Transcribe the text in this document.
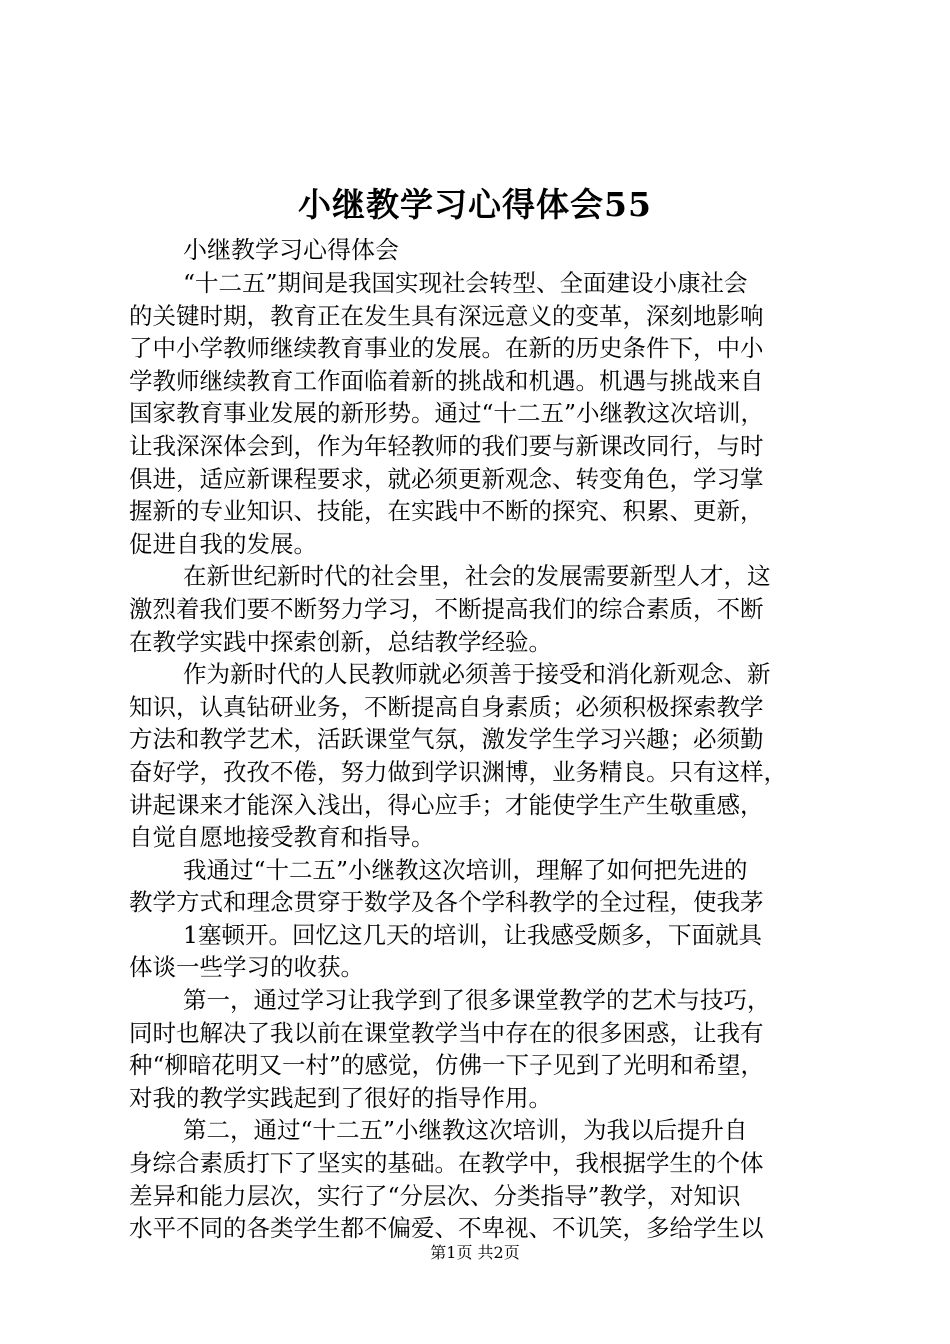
小继教学习心得体会55
小继教学习心得体会
“十二五”期间是我国实现社会转型、全面建设小康社会
的关键时期，教育正在发生具有深远意义的变革，深刻地影响
了中小学教师继续教育事业的发展。在新的历史条件下，中小
学教师继续教育工作面临着新的挑战和机遇。机遇与挑战来自
国家教育事业发展的新形势。通过“十二五”小继教这次培训，
让我深深体会到，作为年轻教师的我们要与新课改同行，与时
俱进，适应新课程要求，就必须更新观念、转变角色，学习掌
握新的专业知识、技能，在实践中不断的探究、积累、更新，
促进自我的发展。
在新世纪新时代的社会里，社会的发展需要新型人才，这
激烈着我们要不断努力学习，不断提高我们的综合素质，不断
在教学实践中探索创新，总结教学经验。
作为新时代的人民教师就必须善于接受和消化新观念、新
知识，认真钻研业务，不断提高自身素质；必须积极探索教学
方法和教学艺术，活跃课堂气氛，激发学生学习兴趣；必须勤
奋好学，孜孜不倦，努力做到学识渊博，业务精良。只有这样，
讲起课来才能深入浅出，得心应手；才能使学生产生敬重感，
自觉自愿地接受教育和指导。
我通过“十二五”小继教这次培训，理解了如何把先进的
教学方式和理念贯穿于数学及各个学科教学的全过程，使我茅
1塞顿开。回忆这几天的培训，让我感受颇多，下面就具
体谈一些学习的收获。
第一，通过学习让我学到了很多课堂教学的艺术与技巧，
同时也解决了我以前在课堂教学当中存在的很多困惑，让我有
种“柳暗花明又一村”的感觉，仿佛一下子见到了光明和希望，
对我的教学实践起到了很好的指导作用。
第二，通过“十二五”小继教这次培训，为我以后提升自
身综合素质打下了坚实的基础。在教学中，我根据学生的个体
差异和能力层次，实行了“分层次、分类指导”教学，对知识
水平不同的各类学生都不偏爱、不卑视、不讥笑，多给学生以
第1页 共2页
